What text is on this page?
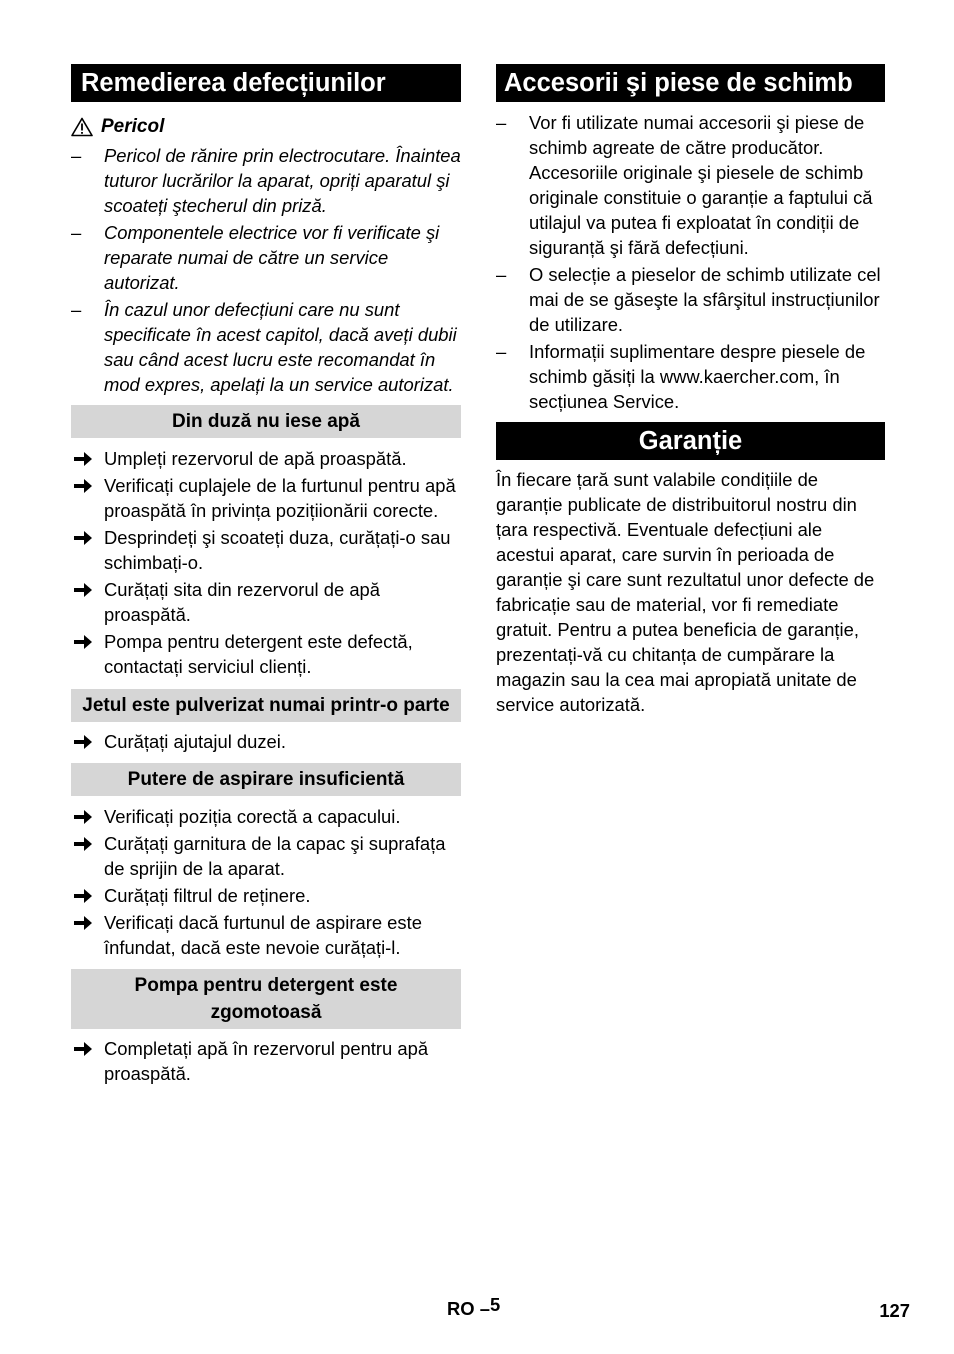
Remedierea defecțiunilor
Pericol
–	Pericol de rănire prin electrocutare. Înaintea tuturor lucrărilor la aparat, opriți aparatul şi scoateți ştecherul din priză.
–	Componentele electrice vor fi verificate şi reparate numai de către un service autorizat.
–	În cazul unor defecțiuni care nu sunt specificate în acest capitol, dacă aveți dubii sau când acest lucru este recomandat în mod expres, apelați la un service autorizat.
Din duză nu iese apă
Umpleți rezervorul de apă proaspătă.
Verificați cuplajele de la furtunul pentru apă proaspătă în privința pozițiionării corecte.
Desprindeți şi scoateți duza, curățați-o sau schimbați-o.
Curățați sita din rezervorul de apă proaspătă.
Pompa pentru detergent este defectă, contactați serviciul clienți.
Jetul este pulverizat numai printr-o parte
Curățați ajutajul duzei.
Putere de aspirare insuficientă
Verificați poziția corectă a capacului.
Curățați garnitura de la capac şi suprafața de sprijin de la aparat.
Curățați filtrul de reținere.
Verificați dacă furtunul de aspirare este înfundat, dacă este nevoie curățați-l.
Pompa pentru detergent este zgomotoasă
Completați apă în rezervorul pentru apă proaspătă.
Accesorii şi piese de schimb
–	Vor fi utilizate numai accesorii şi piese de schimb agreate de către producător. Accesoriile originale şi piesele de schimb originale constituie o garanție a faptului că utilajul va putea fi exploatat în condiții de siguranță şi fără defecțiuni.
–	O selecție a pieselor de schimb utilizate cel mai de se găseşte la sfârşitul instrucțiunilor de utilizare.
–	Informații suplimentare despre piesele de schimb găsiți la www.kaercher.com, în secțiunea Service.
Garanție

În fiecare țară sunt valabile condițiile de garanție publicate de distribuitorul nostru din țara respectivă. Eventuale defecțiuni ale acestui aparat, care survin în perioada de garanție şi care sunt rezultatul unor defecte de fabricație sau de material, vor fi remediate gratuit. Pentru a putea beneficia de garanție, prezentați-vă cu chitanța de cumpărare la magazin sau la cea mai apropiată unitate de service autorizată.

RO –5	127
